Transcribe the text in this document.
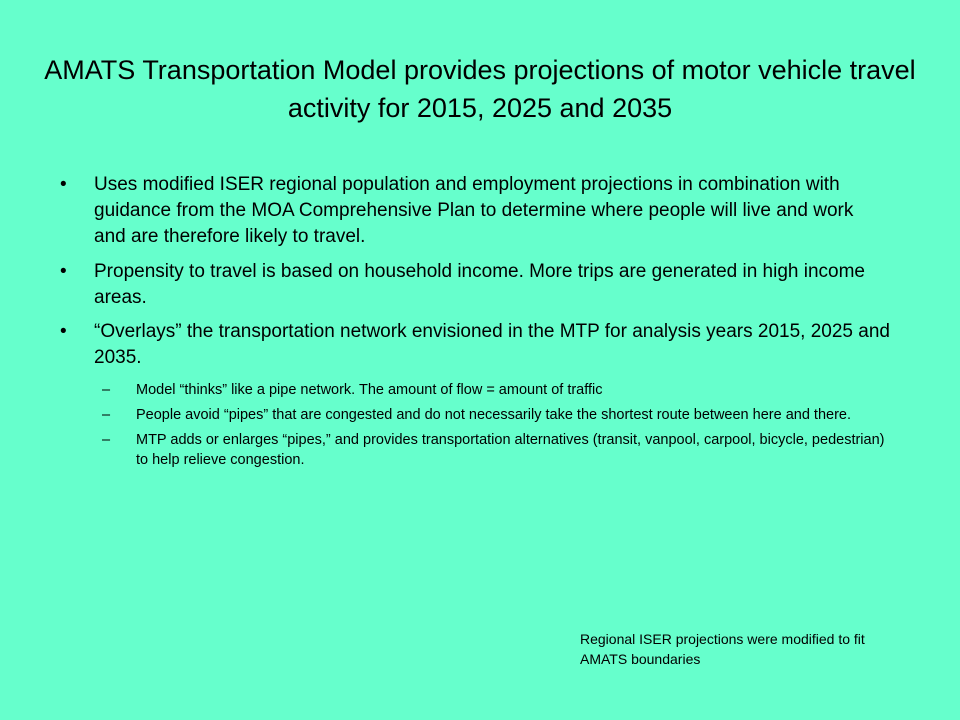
AMATS Transportation Model provides projections of motor vehicle travel activity for 2015, 2025 and 2035
• Uses modified ISER regional population and employment projections in combination with guidance from the MOA Comprehensive Plan to determine where people will live and work and are therefore likely to travel.
• Propensity to travel is based on household income. More trips are generated in high income areas.
• “Overlays” the transportation network envisioned in the MTP for analysis years 2015, 2025 and 2035.
– Model “thinks” like a pipe network. The amount of flow = amount of traffic
– People avoid “pipes” that are congested and do not necessarily take the shortest route between here and there.
– MTP adds or enlarges “pipes,” and provides transportation alternatives (transit, vanpool, carpool, bicycle, pedestrian) to help relieve congestion.
Regional ISER projections were modified to fit AMATS boundaries
